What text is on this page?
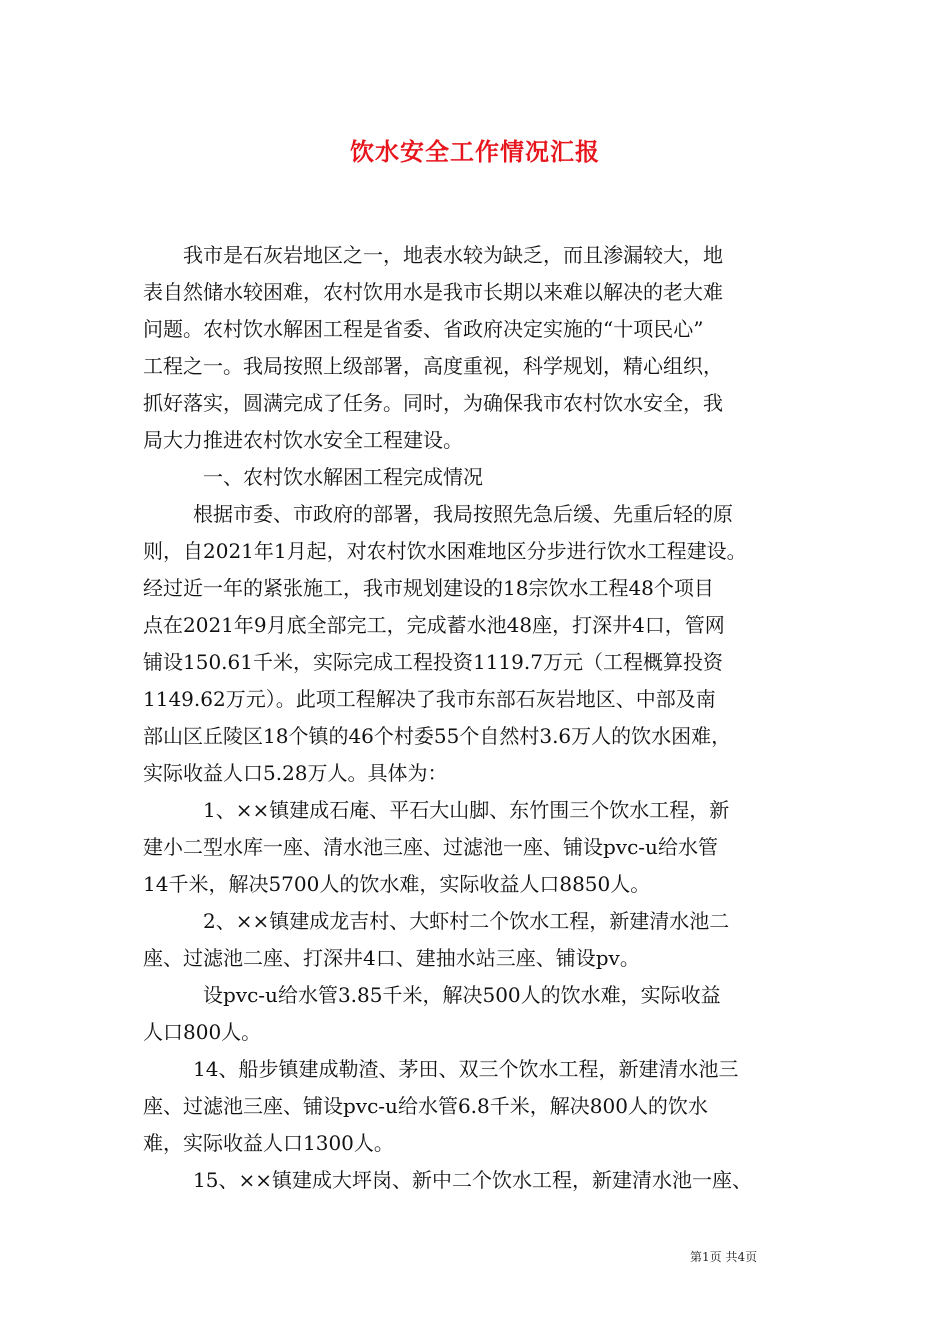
饮水安全工作情况汇报
我市是石灰岩地区之一，地表水较为缺乏，而且渗漏较大，地
表自然储水较困难，农村饮用水是我市长期以来难以解决的老大难
问题。农村饮水解困工程是省委、省政府决定实施的“十项民心”
工程之一。我局按照上级部署，高度重视，科学规划，精心组织，
抓好落实，圆满完成了任务。同时，为确保我市农村饮水安全，我
局大力推进农村饮水安全工程建设。
一、农村饮水解困工程完成情况
根据市委、市政府的部署，我局按照先急后缓、先重后轻的原
则，自2021年1月起，对农村饮水困难地区分步进行饮水工程建设。
经过近一年的紧张施工，我市规划建设的18宗饮水工程48个项目
点在2021年9月底全部完工，完成蓄水池48座，打深井4口，管网
铺设150.61千米，实际完成工程投资1119.7万元（工程概算投资
1149.62万元）。此项工程解决了我市东部石灰岩地区、中部及南
部山区丘陵区18个镇的46个村委55个自然村3.6万人的饮水困难，
实际收益人口5.28万人。具体为：
1、××镇建成石庵、平石大山脚、东竹围三个饮水工程，新
建小二型水库一座、清水池三座、过滤池一座、铺设pvc-u给水管
14千米，解决5700人的饮水难，实际收益人口8850人。
2、××镇建成龙吉村、大虾村二个饮水工程，新建清水池二
座、过滤池二座、打深井4口、建抽水站三座、铺设pv。
设pvc-u给水管3.85千米，解决500人的饮水难，实际收益
人口800人。
14、船步镇建成勒渣、茅田、双三个饮水工程，新建清水池三
座、过滤池三座、铺设pvc-u给水管6.8千米，解决800人的饮水
难，实际收益人口1300人。
15、××镇建成大坪岗、新中二个饮水工程，新建清水池一座、
第1页 共4页
